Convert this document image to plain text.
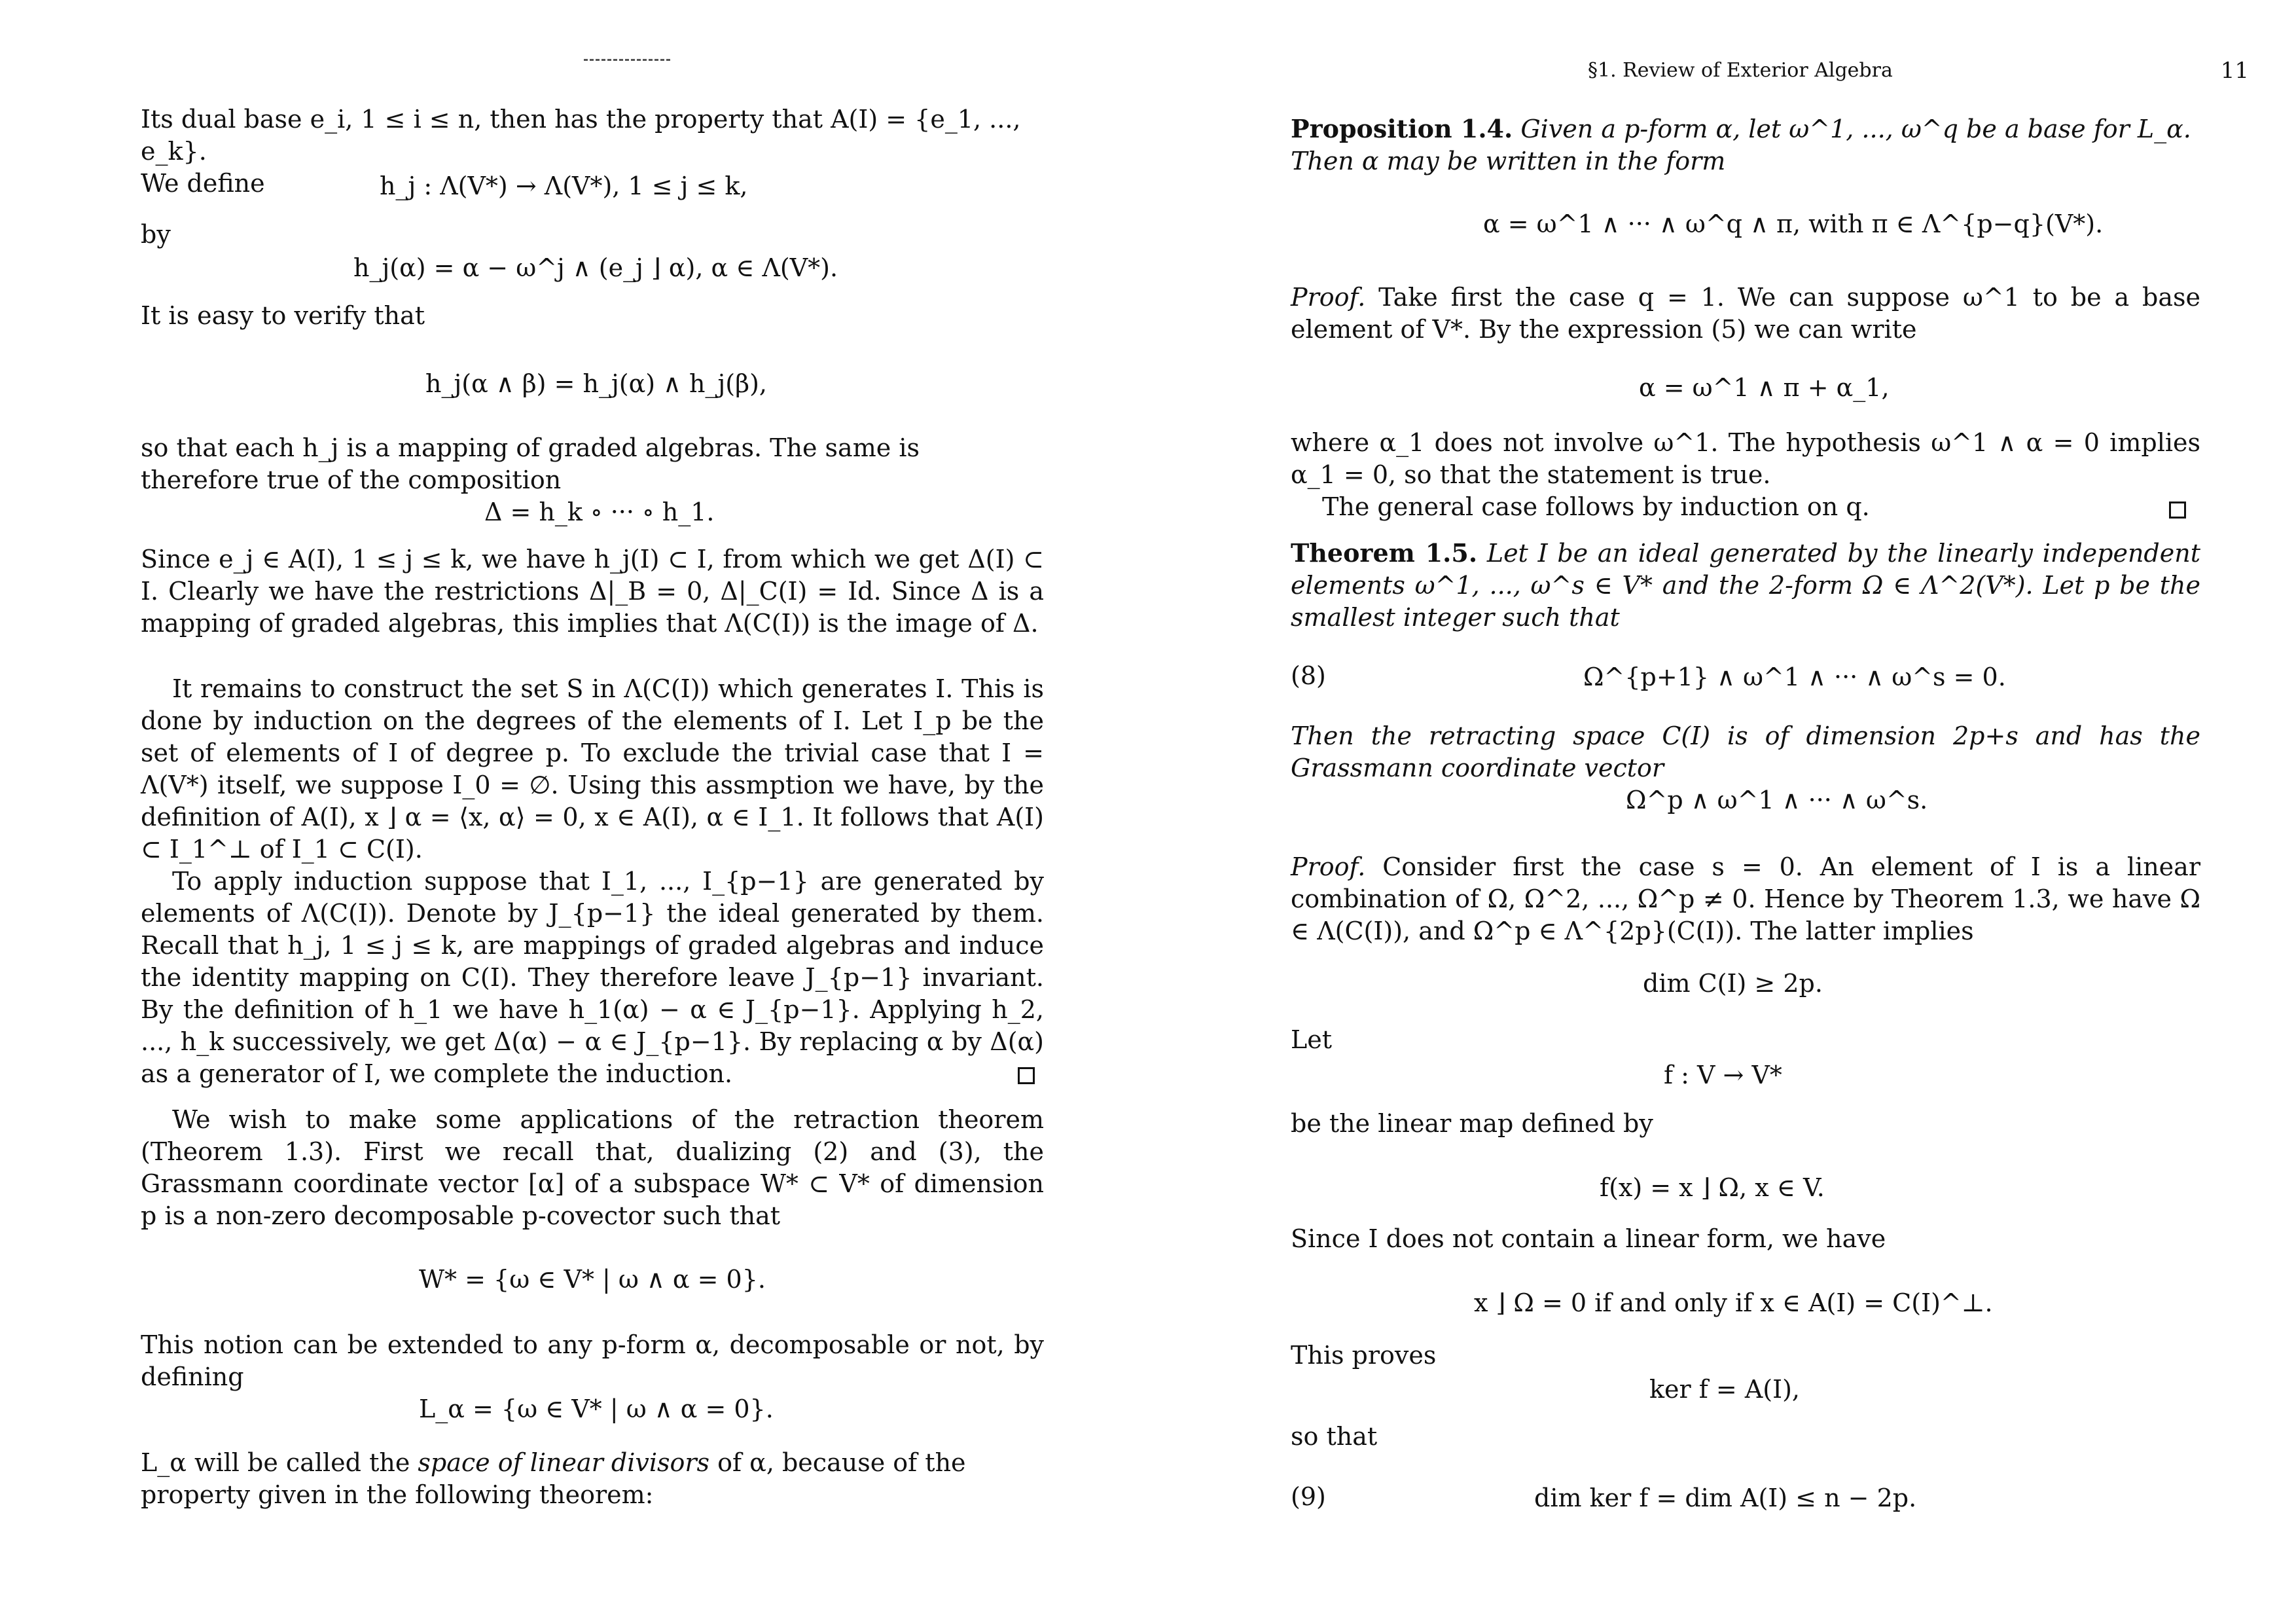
Its dual base e_i, 1 ≤ i ≤ n, then has the property that A(I) = {e_1, ..., e_k}.
We define	h_j : Λ(V*) → Λ(V*), 1 ≤ j ≤ k,
by
h_j(α) = α − ω^j ∧ (e_j ⌋ α), α ∈ Λ(V*).
It is easy to verify that
h_j(α ∧ β) = h_j(α) ∧ h_j(β),
so that each h_j is a mapping of graded algebras. The same is therefore true of the composition
Δ = h_k ∘ ··· ∘ h_1.
Since e_j ∈ A(I), 1 ≤ j ≤ k, we have h_j(I) ⊂ I, from which we get Δ(I) ⊂ I. Clearly we have the restrictions Δ|_B = 0, Δ|_C(I) = Id. Since Δ is a mapping of graded algebras, this implies that Λ(C(I)) is the image of Δ.
It remains to construct the set S in Λ(C(I)) which generates I. This is done by induction on the degrees of the elements of I. Let I_p be the set of elements of I of degree p. To exclude the trivial case that I = Λ(V*) itself, we suppose I_0 = ∅. Using this assmption we have, by the definition of A(I), x ⌋ α = ⟨x, α⟩ = 0, x ∈ A(I), α ∈ I_1. It follows that A(I) ⊂ I_1^⊥ of I_1 ⊂ C(I).
To apply induction suppose that I_1, ..., I_{p−1} are generated by elements of Λ(C(I)). Denote by J_{p−1} the ideal generated by them. Recall that h_j, 1 ≤ j ≤ k, are mappings of graded algebras and induce the identity mapping on C(I). They therefore leave J_{p−1} invariant. By the definition of h_1 we have h_1(α) − α ∈ J_{p−1}. Applying h_2, ..., h_k successively, we get Δ(α) − α ∈ J_{p−1}. By replacing α by Δ(α) as a generator of I, we complete the induction.
We wish to make some applications of the retraction theorem (Theorem 1.3). First we recall that, dualizing (2) and (3), the Grassmann coordinate vector [α] of a subspace W* ⊂ V* of dimension p is a non-zero decomposable p-covector such that
W* = {ω ∈ V* | ω ∧ α = 0}.
This notion can be extended to any p-form α, decomposable or not, by defining
L_α = {ω ∈ V* | ω ∧ α = 0}.
L_α will be called the space of linear divisors of α, because of the property given in the following theorem:
§1. Review of Exterior Algebra	11
Proposition 1.4. Given a p-form α, let ω^1, ..., ω^q be a base for L_α. Then α may be written in the form
α = ω^1 ∧ ··· ∧ ω^q ∧ π, with π ∈ Λ^{p−q}(V*).
Proof. Take first the case q = 1. We can suppose ω^1 to be a base element of V*. By the expression (5) we can write
α = ω^1 ∧ π + α_1,
where α_1 does not involve ω^1. The hypothesis ω^1 ∧ α = 0 implies α_1 = 0, so that the statement is true.
The general case follows by induction on q.
Theorem 1.5. Let I be an ideal generated by the linearly independent elements ω^1, ..., ω^s ∈ V* and the 2-form Ω ∈ Λ^2(V*). Let p be the smallest integer such that
(8)	Ω^{p+1} ∧ ω^1 ∧ ··· ∧ ω^s = 0.
Then the retracting space C(I) is of dimension 2p+s and has the Grassmann coordinate vector
Ω^p ∧ ω^1 ∧ ··· ∧ ω^s.
Proof. Consider first the case s = 0. An element of I is a linear combination of Ω, Ω^2, ..., Ω^p ≠ 0. Hence by Theorem 1.3, we have Ω ∈ Λ(C(I)), and Ω^p ∈ Λ^{2p}(C(I)). The latter implies
dim C(I) ≥ 2p.
Let
f : V → V*
be the linear map defined by
f(x) = x ⌋ Ω, x ∈ V.
Since I does not contain a linear form, we have
x ⌋ Ω = 0 if and only if x ∈ A(I) = C(I)^⊥.
This proves
ker f = A(I),
so that
(9)	dim ker f = dim A(I) ≤ n − 2p.
